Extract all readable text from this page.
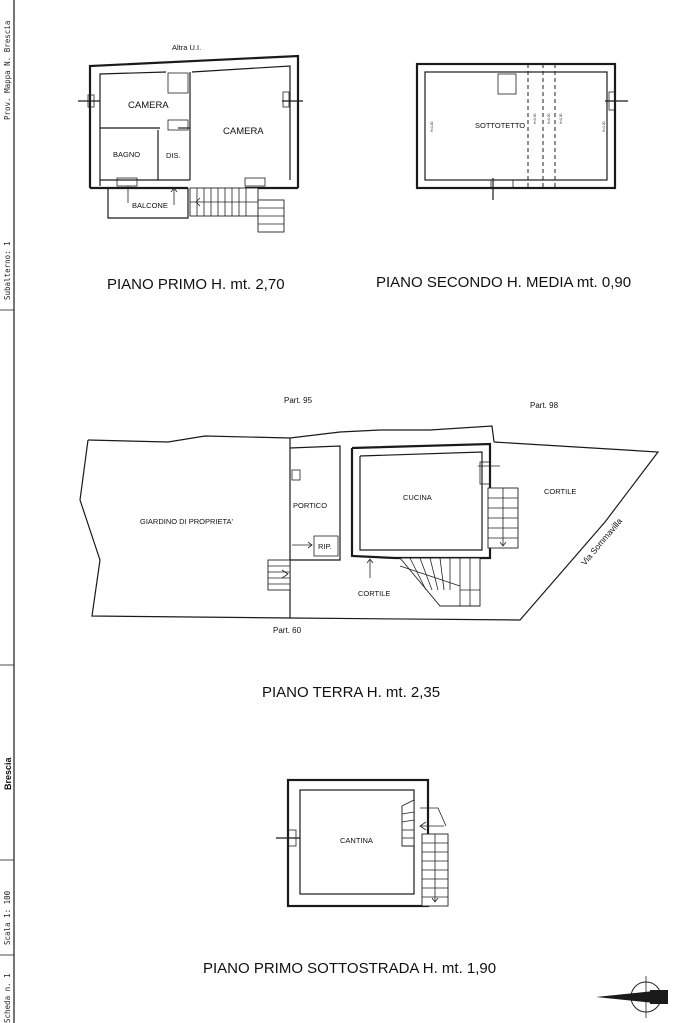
Prov. Mappa N. Brescia
Subalterno: 1
Brescia
Scala 1: 100
Scheda n. 1
Altra U.I.
CAMERA
CAMERA
BAGNO	DIS.
BALCONE
PIANO PRIMO H. mt. 2,70
H=1.00
H=0.50	H=0.50	H=0.30
H=1.30
SOTTOTETTO
PIANO SECONDO H. MEDIA mt. 0,90
Part. 95
Part. 98
Part. 60
GIARDINO DI PROPRIETA'
PORTICO
RIP.
CUCINA
CORTILE
CORTILE
Via Sommavilla
PIANO TERRA H. mt. 2,35
CANTINA
PIANO PRIMO SOTTOSTRADA H. mt. 1,90
